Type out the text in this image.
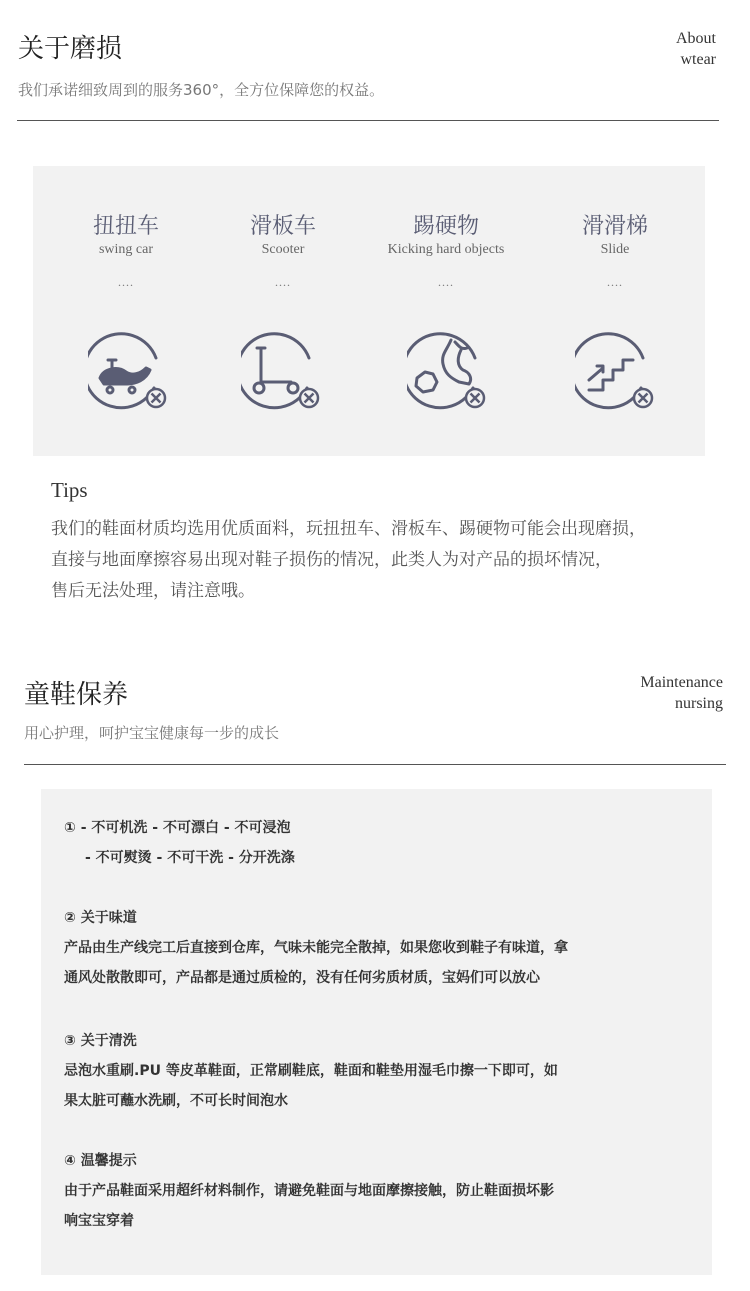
关于磨损
我们承诺细致周到的服务360°，全方位保障您的权益。
About
wtear
扭扭车
swing car
....
滑板车
Scooter
....
踢硬物
Kicking hard objects
....
滑滑梯
Slide
....
Tips
我们的鞋面材质均选用优质面料，玩扭扭车、滑板车、踢硬物可能会出现磨损，
直接与地面摩擦容易出现对鞋子损伤的情况，此类人为对产品的损坏情况，
售后无法处理，请注意哦。
童鞋保养
用心护理，呵护宝宝健康每一步的成长
Maintenance
nursing
① - 不可机洗 - 不可漂白 - 不可浸泡
- 不可熨烫 - 不可干洗 - 分开洗涤
② 关于味道
产品由生产线完工后直接到仓库，气味未能完全散掉，如果您收到鞋子有味道，拿
通风处散散即可，产品都是通过质检的，没有任何劣质材质，宝妈们可以放心
③ 关于清洗
忌泡水重刷.PU 等皮革鞋面，正常刷鞋底，鞋面和鞋垫用湿毛巾擦一下即可，如
果太脏可蘸水洗刷，不可长时间泡水
④ 温馨提示
由于产品鞋面采用超纤材料制作，请避免鞋面与地面摩擦接触，防止鞋面损坏影
响宝宝穿着
